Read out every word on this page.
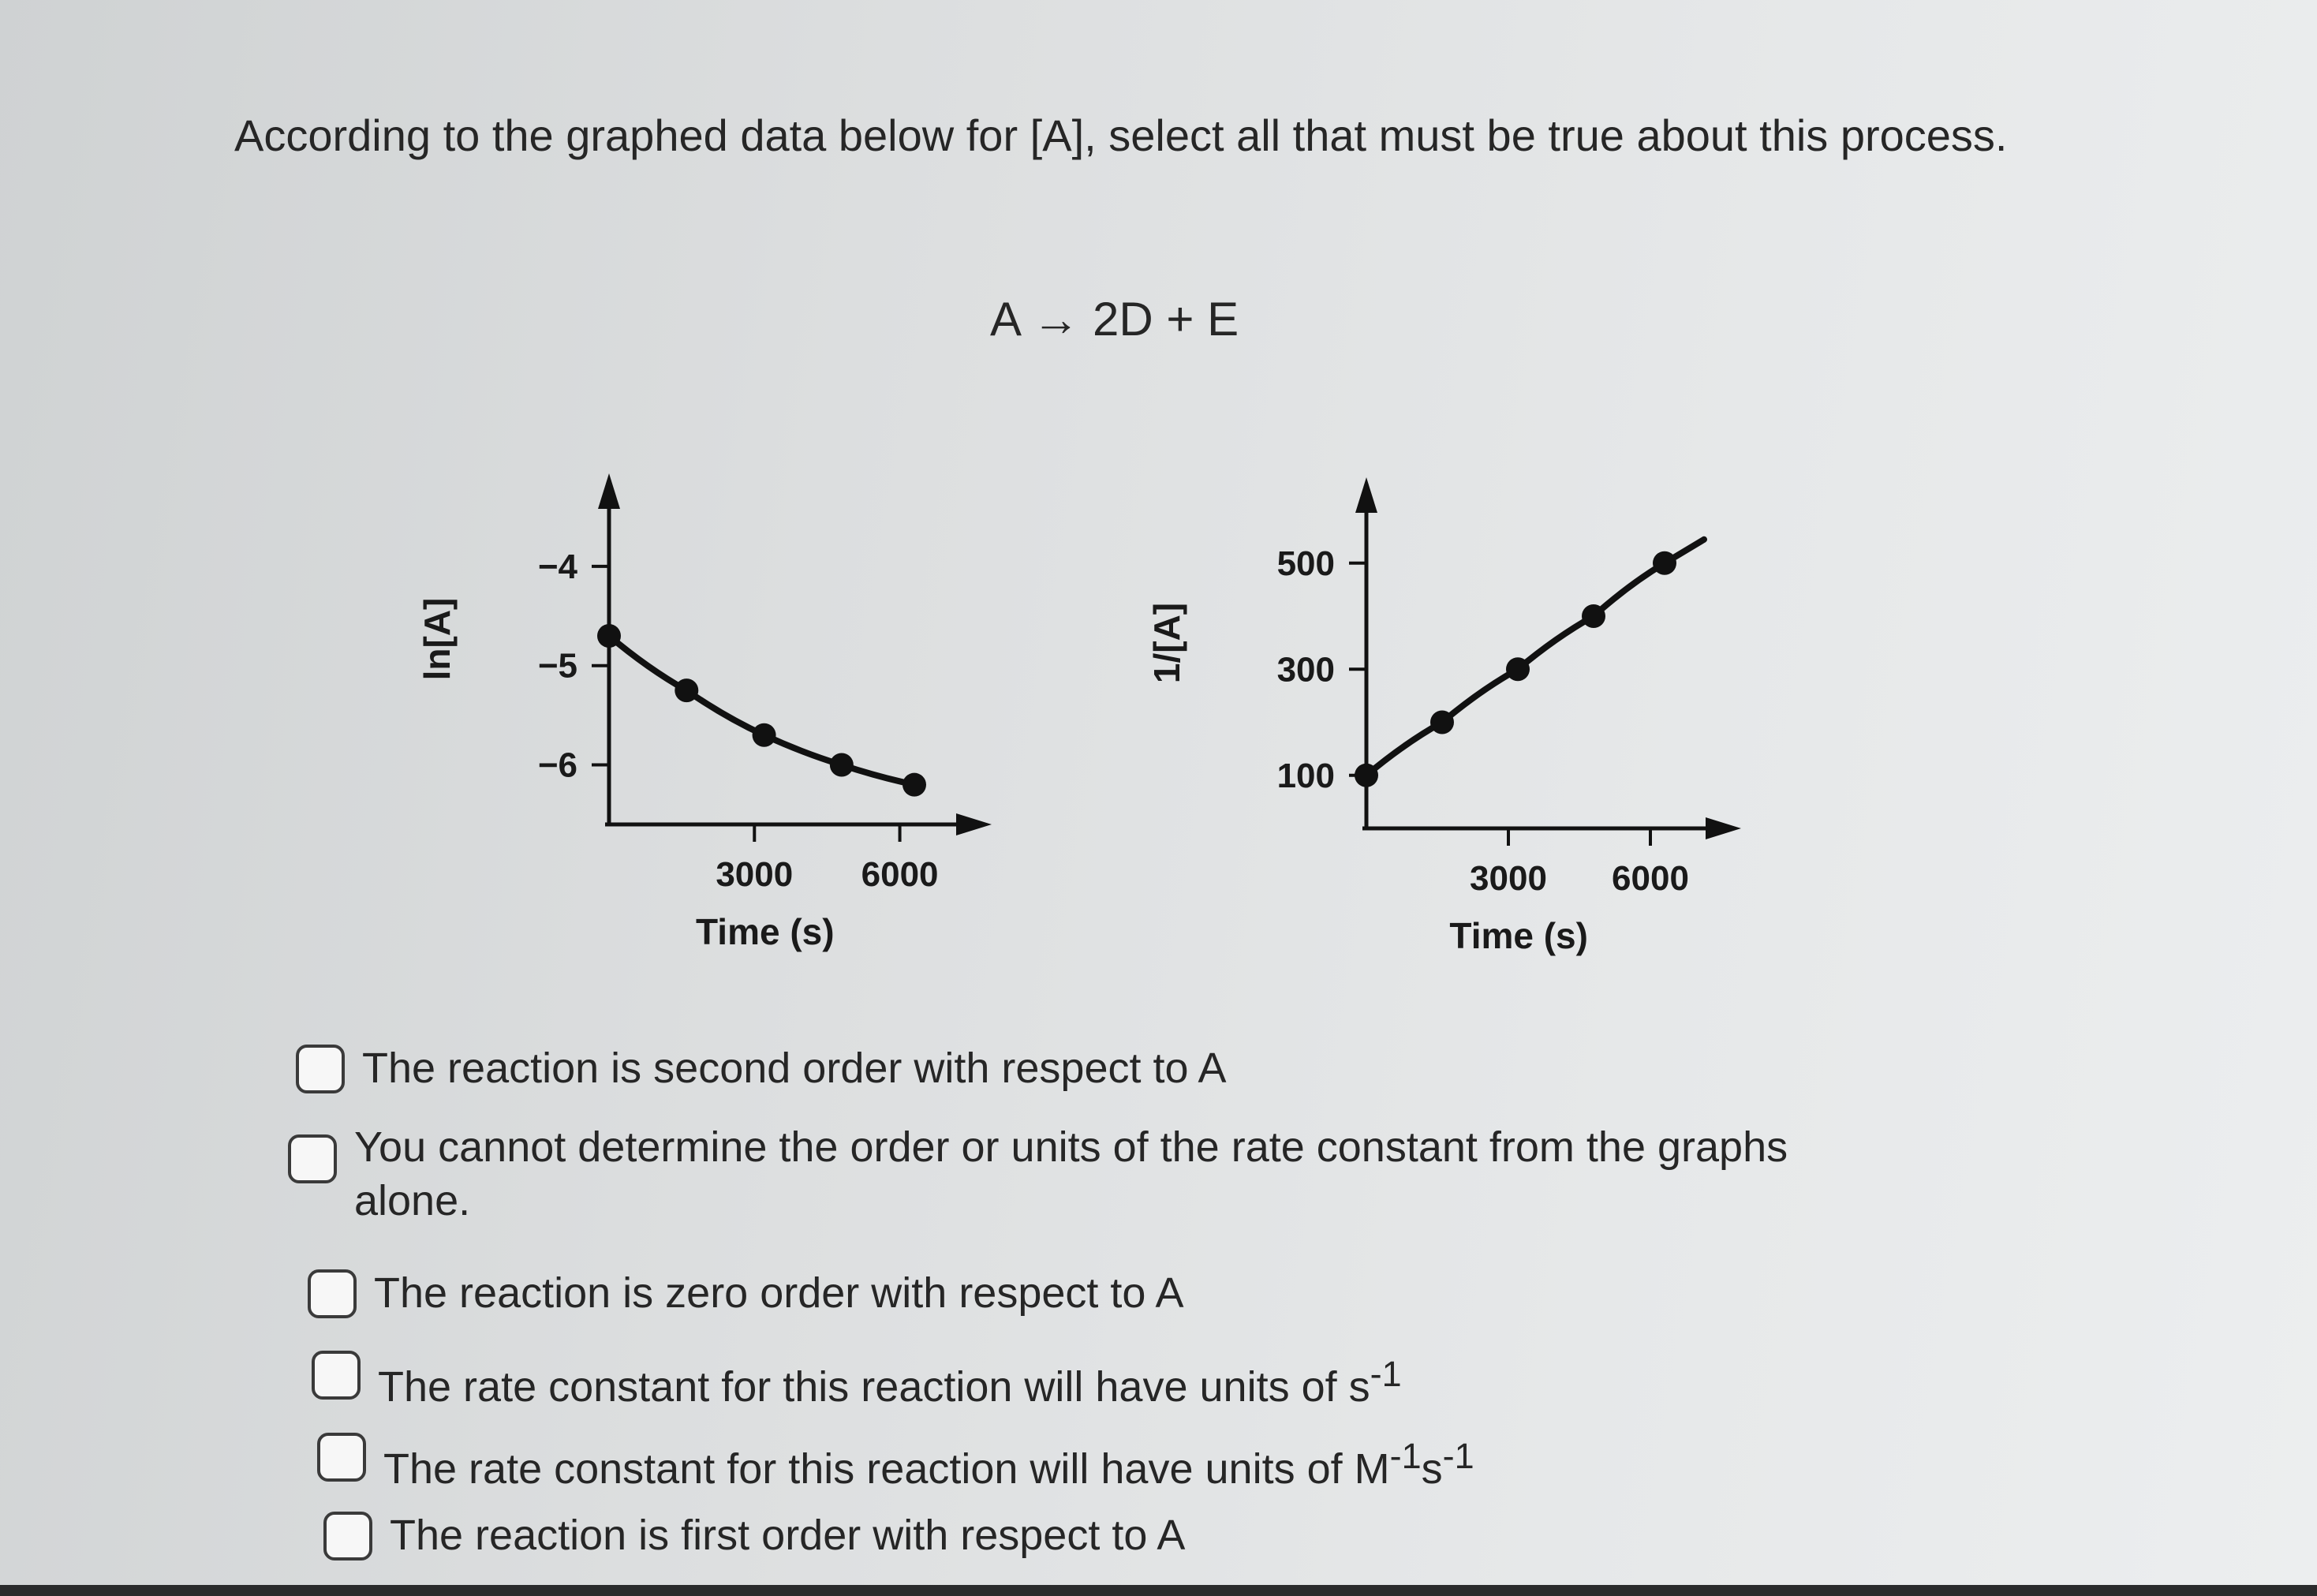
According to the graphed data below for [A], select all that must be true about this process.
A → 2D + E
−4
−5
−6
3000 6000
Time (s)
ln[A]
500
300
100
3000 6000
Time (s)
1/[A]
The reaction is second order with respect to A
You cannot determine the order or units of the rate constant from the graphs alone.
The reaction is zero order with respect to A
The rate constant for this reaction will have units of $s^{-1}$
The rate constant for this reaction will have units of $M^{-1}s^{-1}$
The reaction is first order with respect to A
